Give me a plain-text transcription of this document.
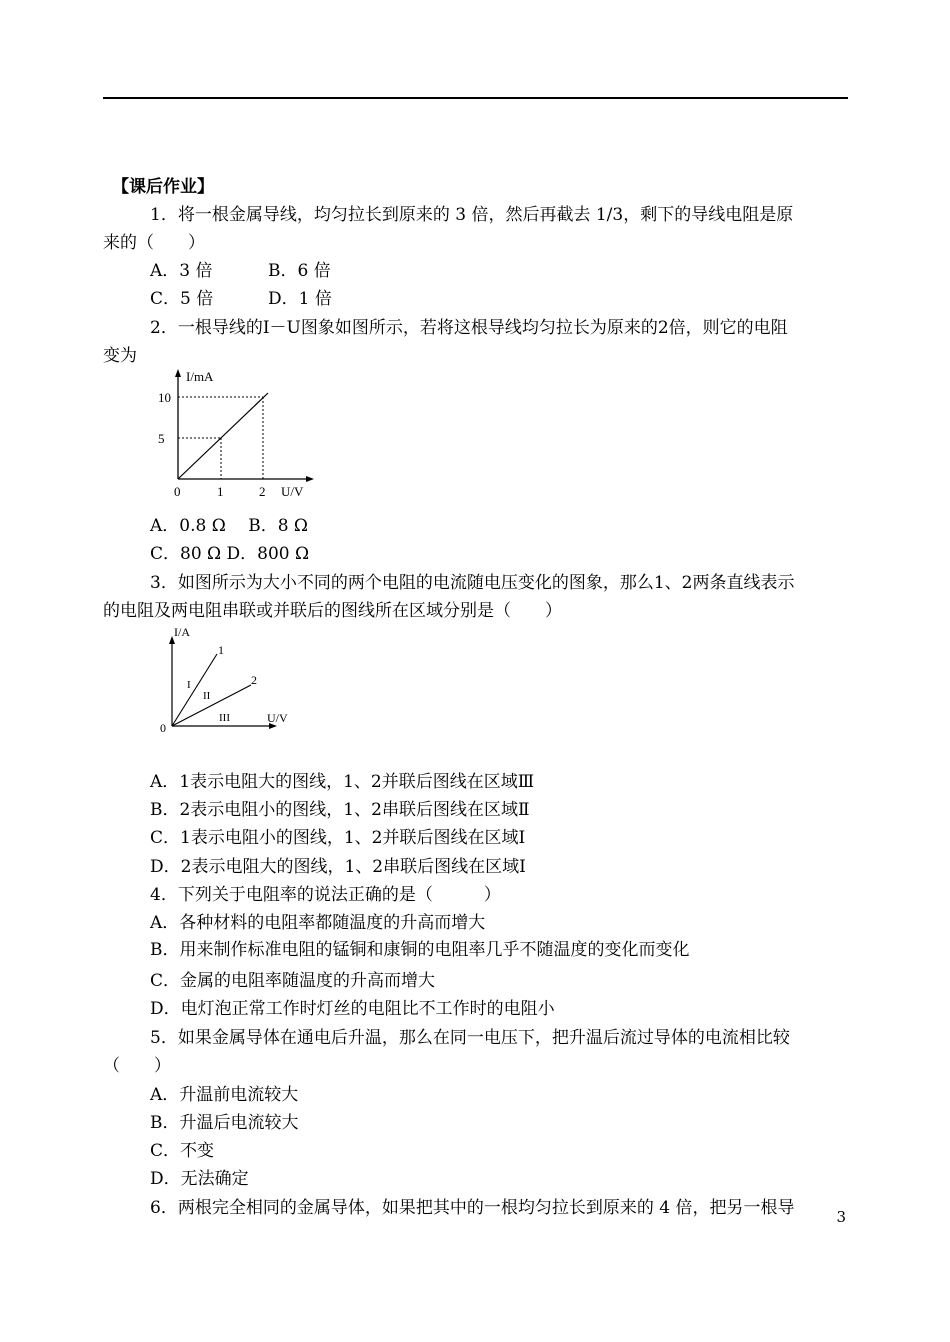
【课后作业】
1．将一根金属导线，均匀拉长到原来的 3 倍，然后再截去 1/3，剩下的导线电阻是原
来的（　　）
A．3 倍	B．6 倍
C．5 倍	D．1 倍
2．一根导线的I－U图象如图所示，若将这根导线均匀拉长为原来的2倍，则它的电阻
变为
I/mA
10
5
0	1	2 U/V
A．0.8 Ω　 B．8 Ω
C．80 Ω D．800 Ω
3．如图所示为大小不同的两个电阻的电流随电压变化的图象，那么1、2两条直线表示
的电阻及两电阻串联或并联后的图线所在区域分别是（　　）
I/A
U/V
0
1
2
I
II
III
A．1表示电阻大的图线，1、2并联后图线在区域Ⅲ
B．2表示电阻小的图线，1、2串联后图线在区域Ⅱ
C．1表示电阻小的图线，1、2并联后图线在区域Ⅰ
D．2表示电阻大的图线，1、2串联后图线在区域Ⅰ
4．下列关于电阻率的说法正确的是（　　　）
A．各种材料的电阻率都随温度的升高而增大
B．用来制作标准电阻的锰铜和康铜的电阻率几乎不随温度的变化而变化
C．金属的电阻率随温度的升高而增大
D．电灯泡正常工作时灯丝的电阻比不工作时的电阻小
5．如果金属导体在通电后升温，那么在同一电压下，把升温后流过导体的电流相比较
（　　）
A．升温前电流较大
B．升温后电流较大
C．不变
D．无法确定
6．两根完全相同的金属导体，如果把其中的一根均匀拉长到原来的 4 倍，把另一根导	3
